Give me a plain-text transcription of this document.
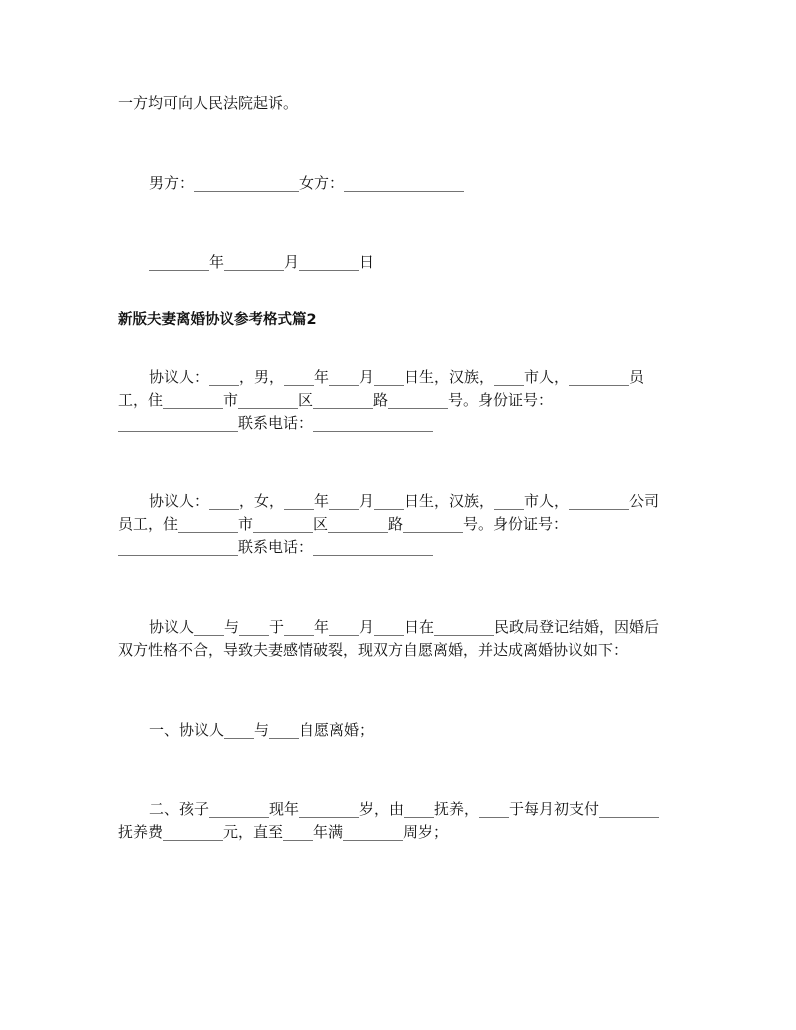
一方均可向人民法院起诉。
男方：______________女方：________________
________年________月________日
新版夫妻离婚协议参考格式篇2
协议人：____，男，____年____月____日生，汉族，____市人，________员
工，住________市________区________路________号。身份证号：
________________联系电话：________________
协议人：____，女，____年____月____日生，汉族，____市人，________公司
员工，住________市________区________路________号。身份证号：
________________联系电话：________________
协议人____与____于____年____月____日在________民政局登记结婚，因婚后
双方性格不合，导致夫妻感情破裂，现双方自愿离婚，并达成离婚协议如下：
一、协议人____与____自愿离婚；
二、孩子________现年________岁，由____抚养，____于每月初支付________
抚养费________元，直至____年满________周岁；
